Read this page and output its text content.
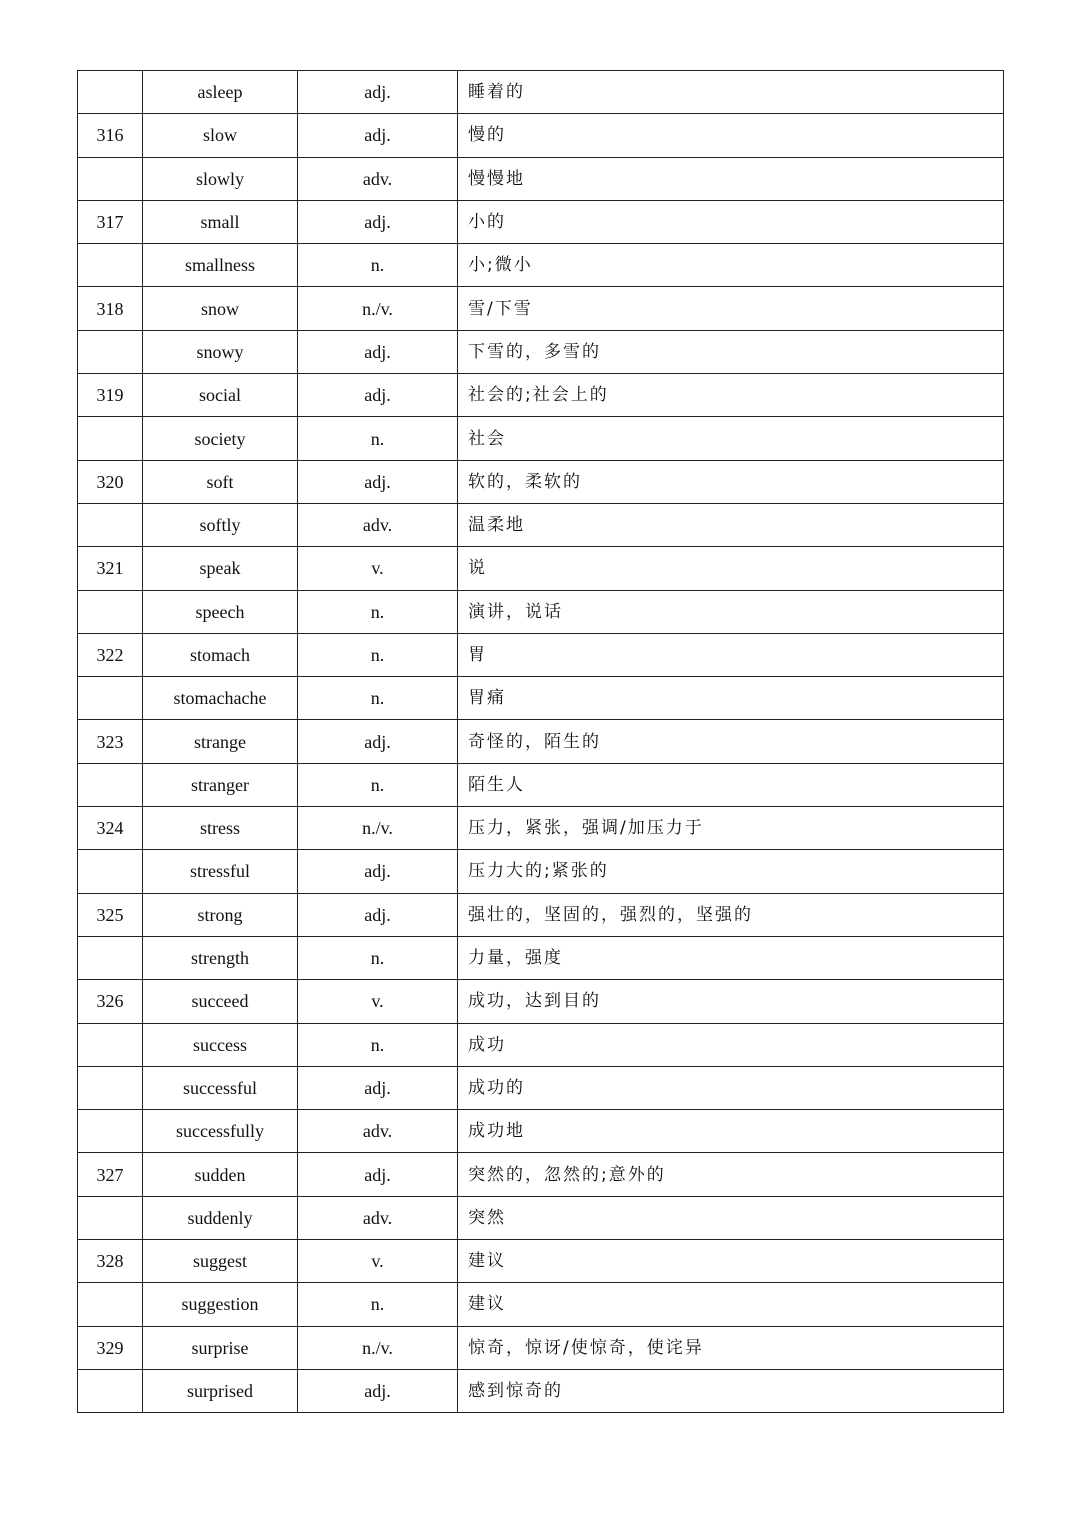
	asleep	adj.	睡着的
316	slow	adj.	慢的
	slowly	adv.	慢慢地
317	small	adj.	小的
	smallness	n.	小;微小
318	snow	n./v.	雪/下雪
	snowy	adj.	下雪的，多雪的
319	social	adj.	社会的;社会上的
	society	n.	社会
320	soft	adj.	软的，柔软的
	softly	adv.	温柔地
321	speak	v.	说
	speech	n.	演讲，说话
322	stomach	n.	胃
	stomachache	n.	胃痛
323	strange	adj.	奇怪的，陌生的
	stranger	n.	陌生人
324	stress	n./v.	压力，紧张，强调/加压力于
	stressful	adj.	压力大的;紧张的
325	strong	adj.	强壮的，坚固的，强烈的，坚强的
	strength	n.	力量，强度
326	succeed	v.	成功，达到目的
	success	n.	成功
	successful	adj.	成功的
	successfully	adv.	成功地
327	sudden	adj.	突然的，忽然的;意外的
	suddenly	adv.	突然
328	suggest	v.	建议
	suggestion	n.	建议
329	surprise	n./v.	惊奇，惊讶/使惊奇，使诧异
	surprised	adj.	感到惊奇的
